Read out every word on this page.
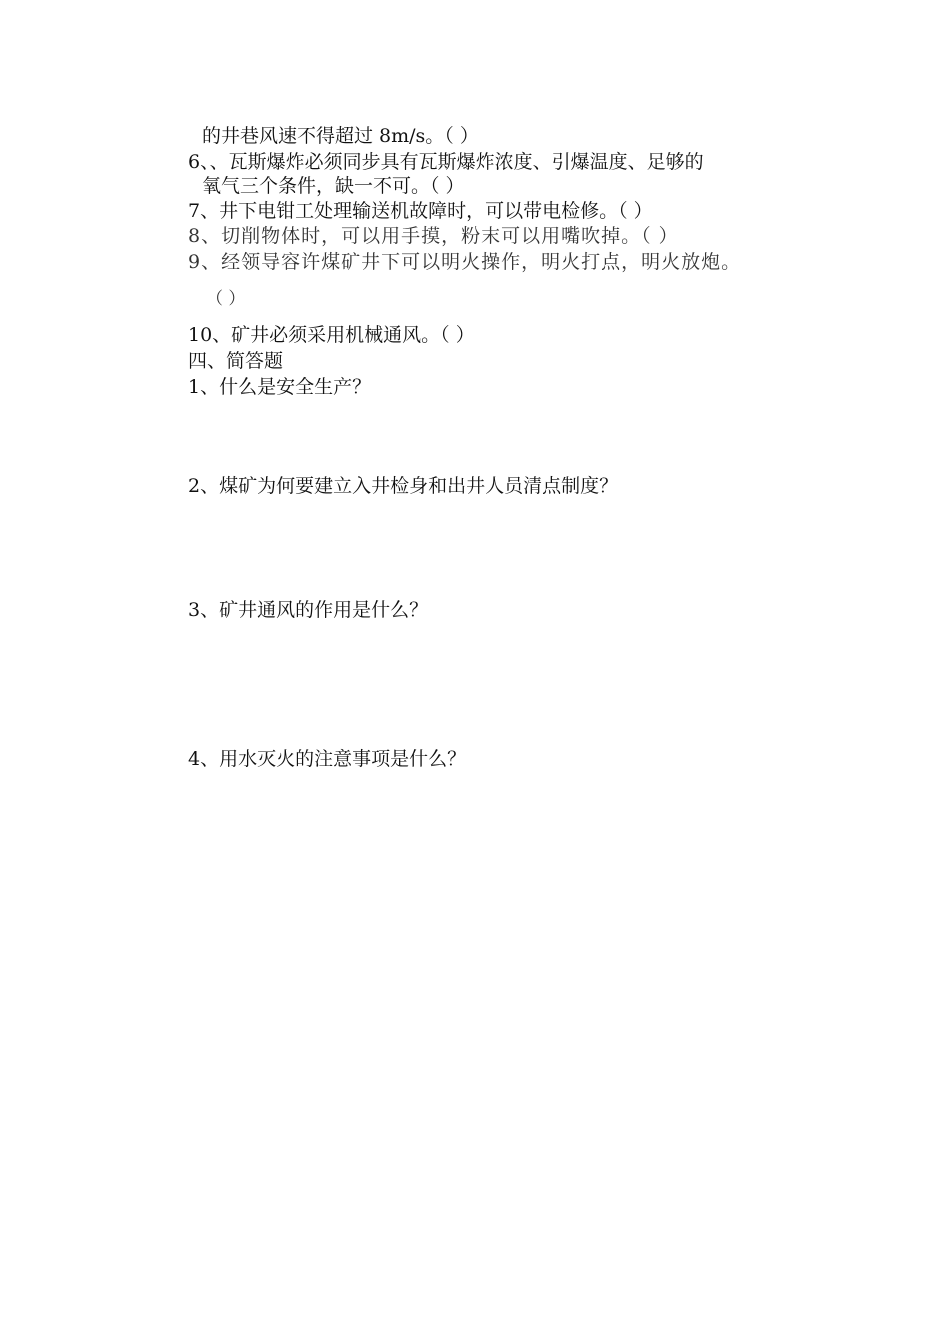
的井巷风速不得超过 8m/s。（ ）
6、、瓦斯爆炸必须同步具有瓦斯爆炸浓度、引爆温度、足够的
氧气三个条件，缺一不可。（ ）
7、井下电钳工处理输送机故障时，可以带电检修。（ ）
8、切削物体时，可以用手摸，粉末可以用嘴吹掉。（ ）
9、经领导容许煤矿井下可以明火操作，明火打点，明火放炮。
（ ）
10、矿井必须采用机械通风。（ ）
四、简答题
1、什么是安全生产？
2、煤矿为何要建立入井检身和出井人员清点制度？
3、矿井通风的作用是什么？
4、用水灭火的注意事项是什么？
